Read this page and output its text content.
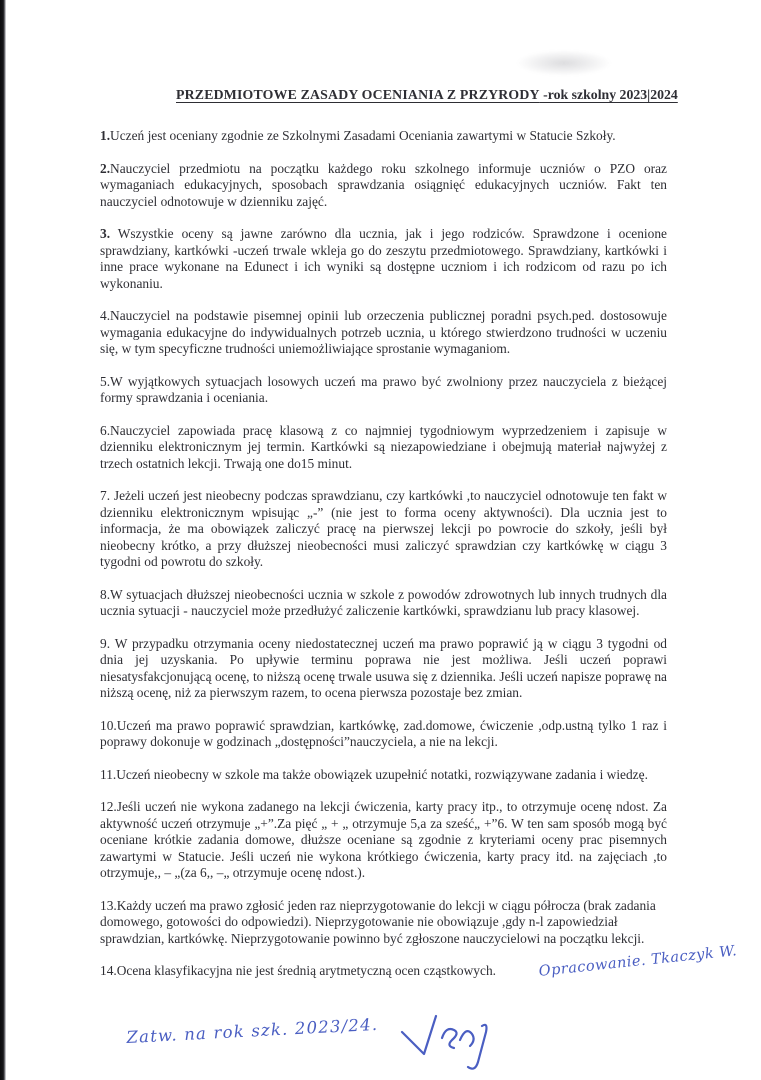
PRZEDMIOTOWE ZASADY OCENIANIA Z PRZYRODY -rok szkolny 2023|2024

1.Uczeń jest oceniany zgodnie ze Szkolnymi Zasadami Oceniania zawartymi w Statucie Szkoły.

2.Nauczyciel przedmiotu na początku każdego roku szkolnego informuje uczniów o PZO oraz wymaganiach edukacyjnych, sposobach sprawdzania osiągnięć edukacyjnych uczniów. Fakt ten nauczyciel odnotowuje w dzienniku zajęć.

3. Wszystkie oceny są jawne zarówno dla ucznia, jak i jego rodziców. Sprawdzone i ocenione sprawdziany, kartkówki -uczeń trwale wkleja go do zeszytu przedmiotowego. Sprawdziany, kartkówki i inne prace wykonane na Edunect i ich wyniki są dostępne uczniom i ich rodzicom od razu po ich wykonaniu.

4.Nauczyciel na podstawie pisemnej opinii lub orzeczenia publicznej poradni psych.ped. dostosowuje wymagania edukacyjne do indywidualnych potrzeb ucznia, u którego stwierdzono trudności w uczeniu się, w tym specyficzne trudności uniemożliwiające sprostanie wymaganiom.

5.W wyjątkowych sytuacjach losowych uczeń ma prawo być zwolniony przez nauczyciela z bieżącej formy sprawdzania i oceniania.

6.Nauczyciel zapowiada pracę klasową z co najmniej tygodniowym wyprzedzeniem i zapisuje w dzienniku elektronicznym jej termin. Kartkówki są niezapowiedziane i obejmują materiał najwyżej z trzech ostatnich lekcji. Trwają one do15 minut.

7. Jeżeli uczeń jest nieobecny podczas sprawdzianu, czy kartkówki ,to nauczyciel odnotowuje ten fakt w dzienniku elektronicznym wpisując „-” (nie jest to forma oceny aktywności). Dla ucznia jest to informacja, że ma obowiązek zaliczyć pracę na pierwszej lekcji po powrocie do szkoły, jeśli był nieobecny krótko, a przy dłuższej nieobecności musi zaliczyć sprawdzian czy kartkówkę w ciągu 3 tygodni od powrotu do szkoły.

8.W sytuacjach dłuższej nieobecności ucznia w szkole z powodów zdrowotnych lub innych trudnych dla ucznia sytuacji - nauczyciel może przedłużyć zaliczenie kartkówki, sprawdzianu lub pracy klasowej.

9. W przypadku otrzymania oceny niedostatecznej uczeń ma prawo poprawić ją w ciągu 3 tygodni od dnia jej uzyskania. Po upływie terminu poprawa nie jest możliwa. Jeśli uczeń poprawi niesatysfakcjonującą ocenę, to niższą ocenę trwale usuwa się z dziennika. Jeśli uczeń napisze poprawę na niższą ocenę, niż za pierwszym razem, to ocena pierwsza pozostaje bez zmian.

10.Uczeń ma prawo poprawić sprawdzian, kartkówkę, zad.domowe, ćwiczenie ,odp.ustną tylko 1 raz i poprawy dokonuje w godzinach „dostępności”nauczyciela, a nie na lekcji.

11.Uczeń nieobecny w szkole ma także obowiązek uzupełnić notatki, rozwiązywane zadania i wiedzę.

12.Jeśli uczeń nie wykona zadanego na lekcji ćwiczenia, karty pracy itp., to otrzymuje ocenę ndost. Za aktywność uczeń otrzymuje „+”.Za pięć „ + „ otrzymuje 5,a za sześć„ +”6. W ten sam sposób mogą być oceniane krótkie zadania domowe, dłuższe oceniane są zgodnie z kryteriami oceny prac pisemnych zawartymi w Statucie. Jeśli uczeń nie wykona krótkiego ćwiczenia, karty pracy itd. na zajęciach ,to otrzymuje,, – „(za 6,, –„ otrzymuje ocenę ndost.).

13.Każdy uczeń ma prawo zgłosić jeden raz nieprzygotowanie do lekcji w ciągu półrocza (brak zadania domowego, gotowości do odpowiedzi). Nieprzygotowanie nie obowiązuje ,gdy n-l zapowiedział sprawdzian, kartkówkę. Nieprzygotowanie powinno być zgłoszone nauczycielowi na początku lekcji.

14.Ocena klasyfikacyjna nie jest średnią arytmetyczną ocen cząstkowych.	Opracowanie. Tkaczyk W.
Zatw. na rok szk. 2023/24.
